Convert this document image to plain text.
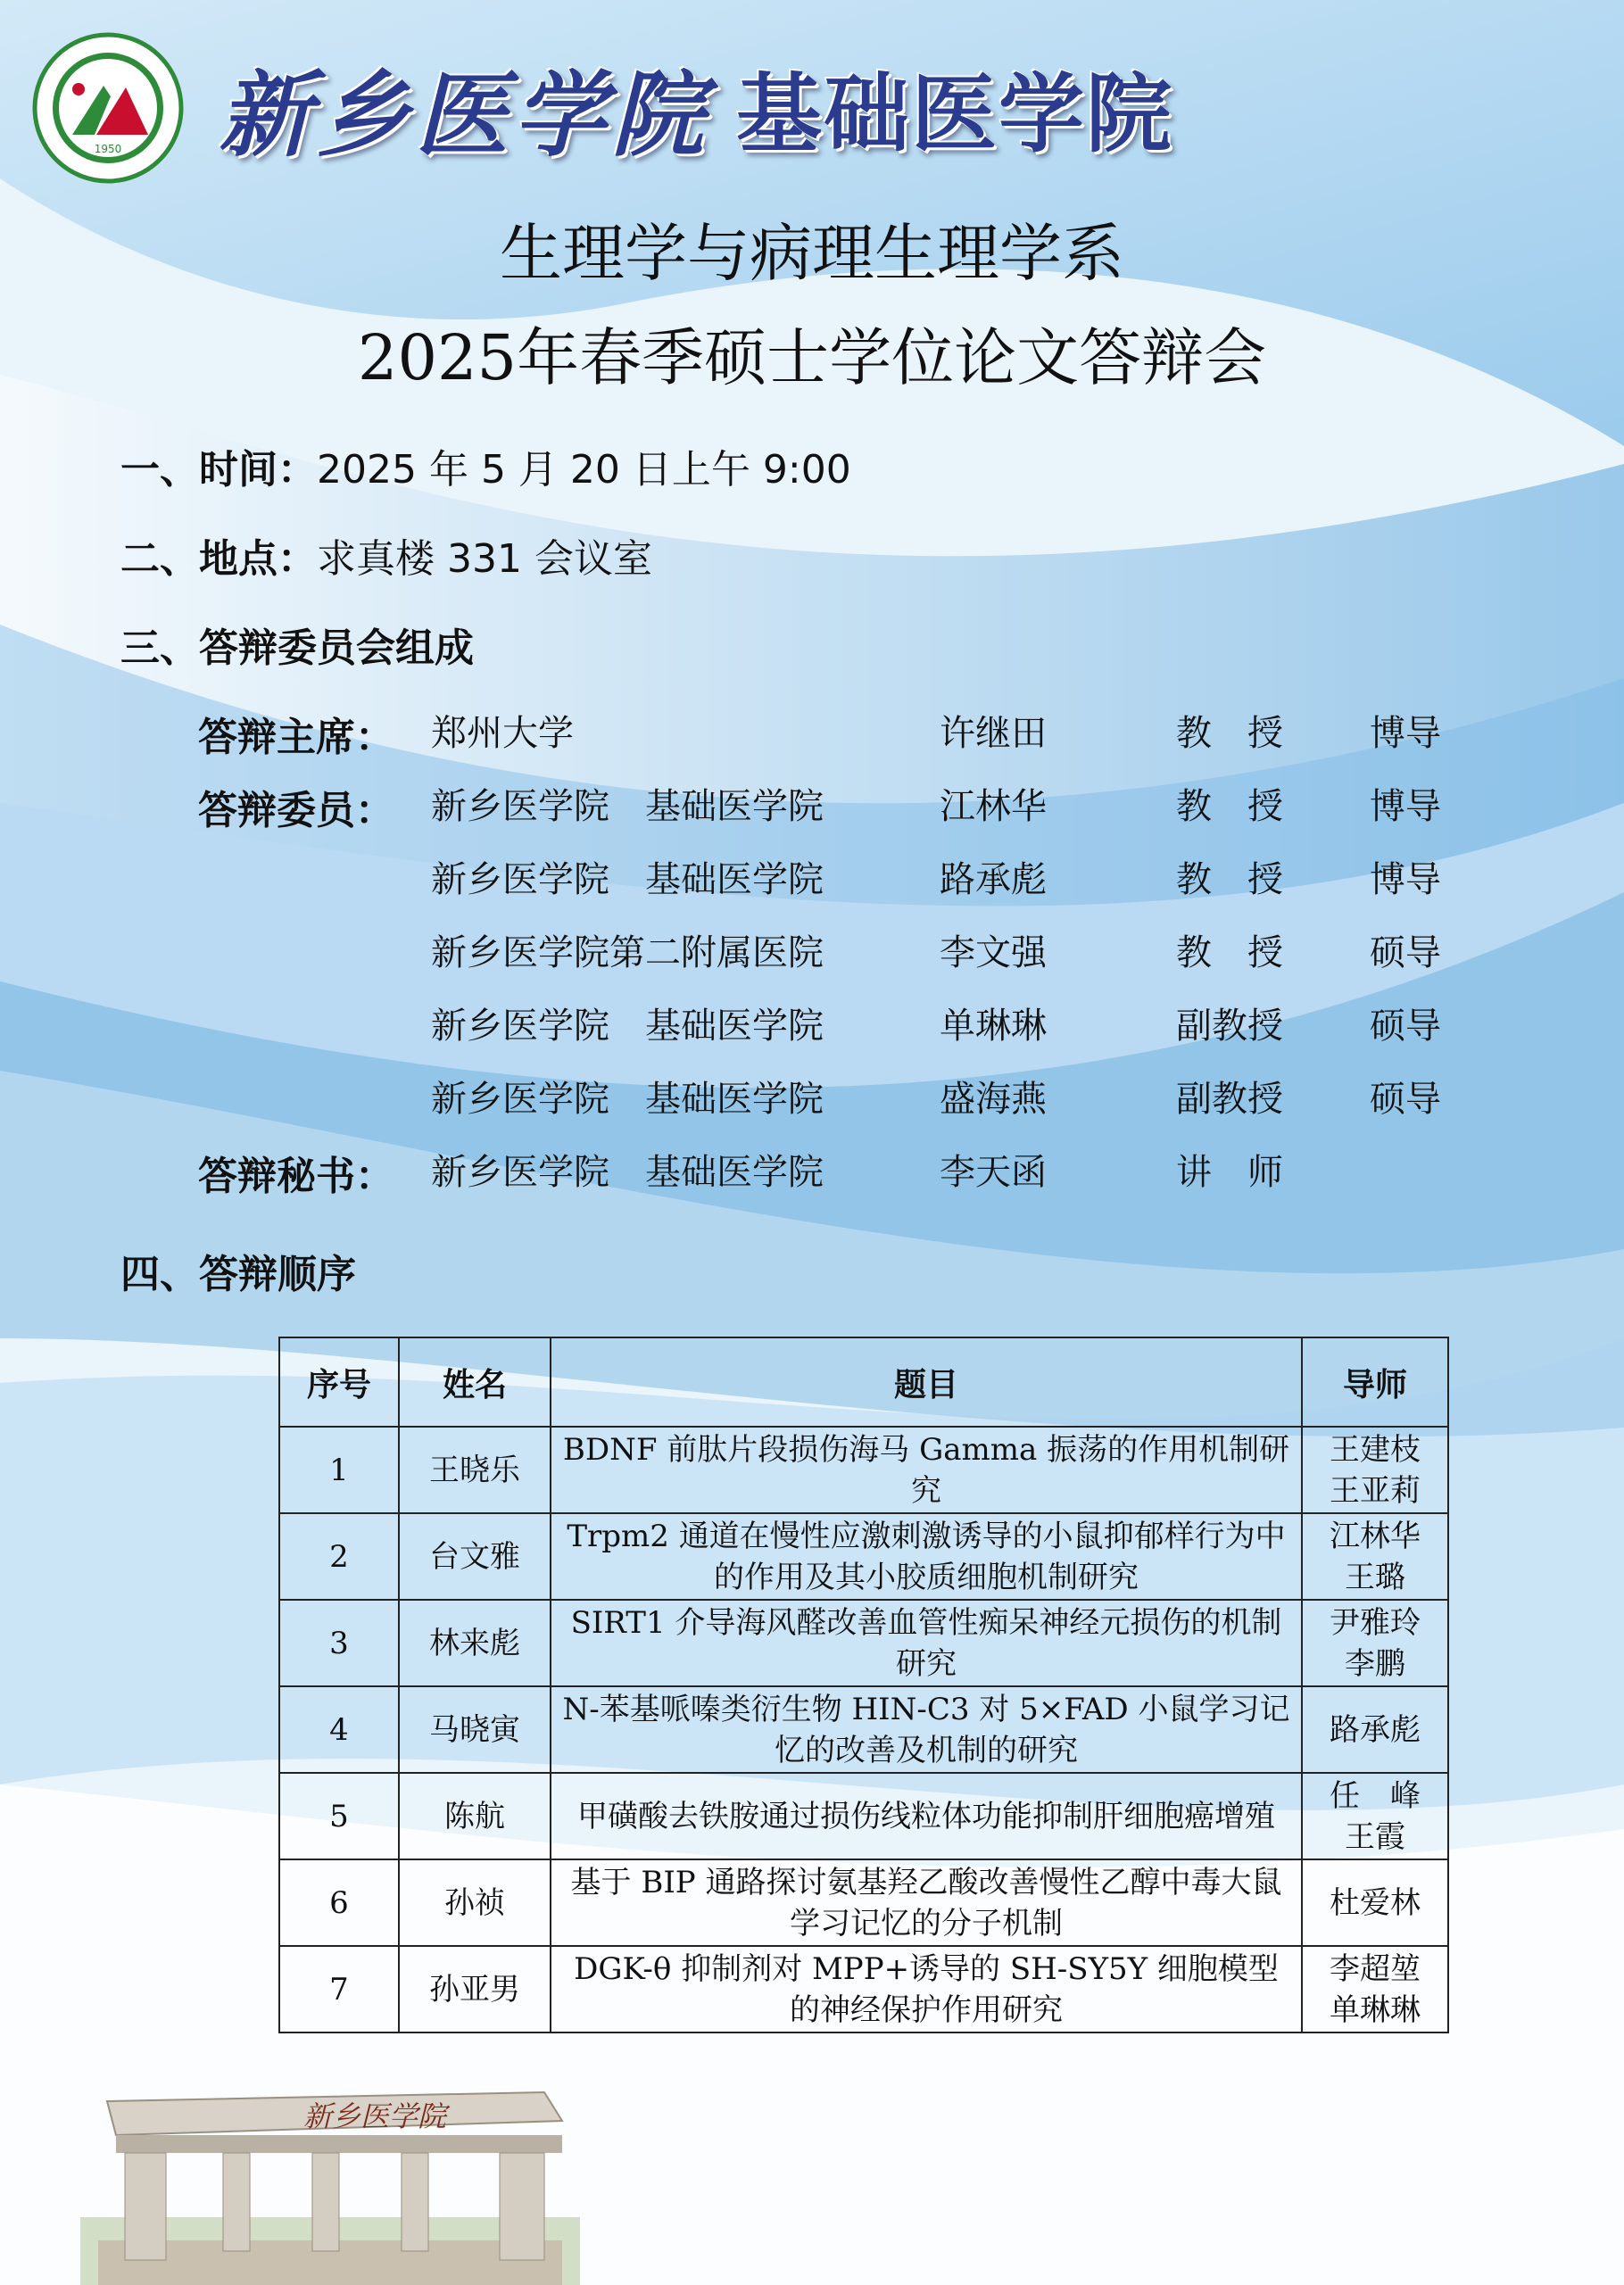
1950 新乡医学院 基础医学院
生理学与病理生理学系
2025年春季硕士学位论文答辩会
一、时间：2025 年 5 月 20 日上午 9:00
二、地点：求真楼 331 会议室
三、答辩委员会组成
答辩主席： 郑州大学	许继田	教　授 博导
答辩委员： 新乡医学院　基础医学院	江林华	教　授 博导
新乡医学院　基础医学院	路承彪	教　授 博导
新乡医学院第二附属医院	李文强	教　授 硕导
新乡医学院　基础医学院	单琳琳	副教授 硕导
新乡医学院　基础医学院	盛海燕	副教授 硕导
答辩秘书： 新乡医学院　基础医学院	李天函	讲　师
四、答辩顺序
序号	姓名	题目	导师
1	王晓乐	BDNF 前肽片段损伤海马 Gamma 振荡的作用机制研究	王建枝
王亚莉

2	台文雅	Trpm2 通道在慢性应激刺激诱导的小鼠抑郁样行为中的作用及其小胶质细胞机制研究	江林华
王璐

3	林来彪	SIRT1 介导海风醛改善血管性痴呆神经元损伤的机制研究	尹雅玲
李鹏

4	马晓寅	N-苯基哌嗪类衍生物 HIN-C3 对 5×FAD 小鼠学习记忆的改善及机制的研究	路承彪

5	陈航	甲磺酸去铁胺通过损伤线粒体功能抑制肝细胞癌增殖	任　峰
王霞

6	孙祯	基于 BIP 通路探讨氨基羟乙酸改善慢性乙醇中毒大鼠学习记忆的分子机制	杜爱林

7	孙亚男	DGK-θ 抑制剂对 MPP+诱导的 SH-SY5Y 细胞模型的神经保护作用研究	李超堃
单琳琳
新乡医学院
